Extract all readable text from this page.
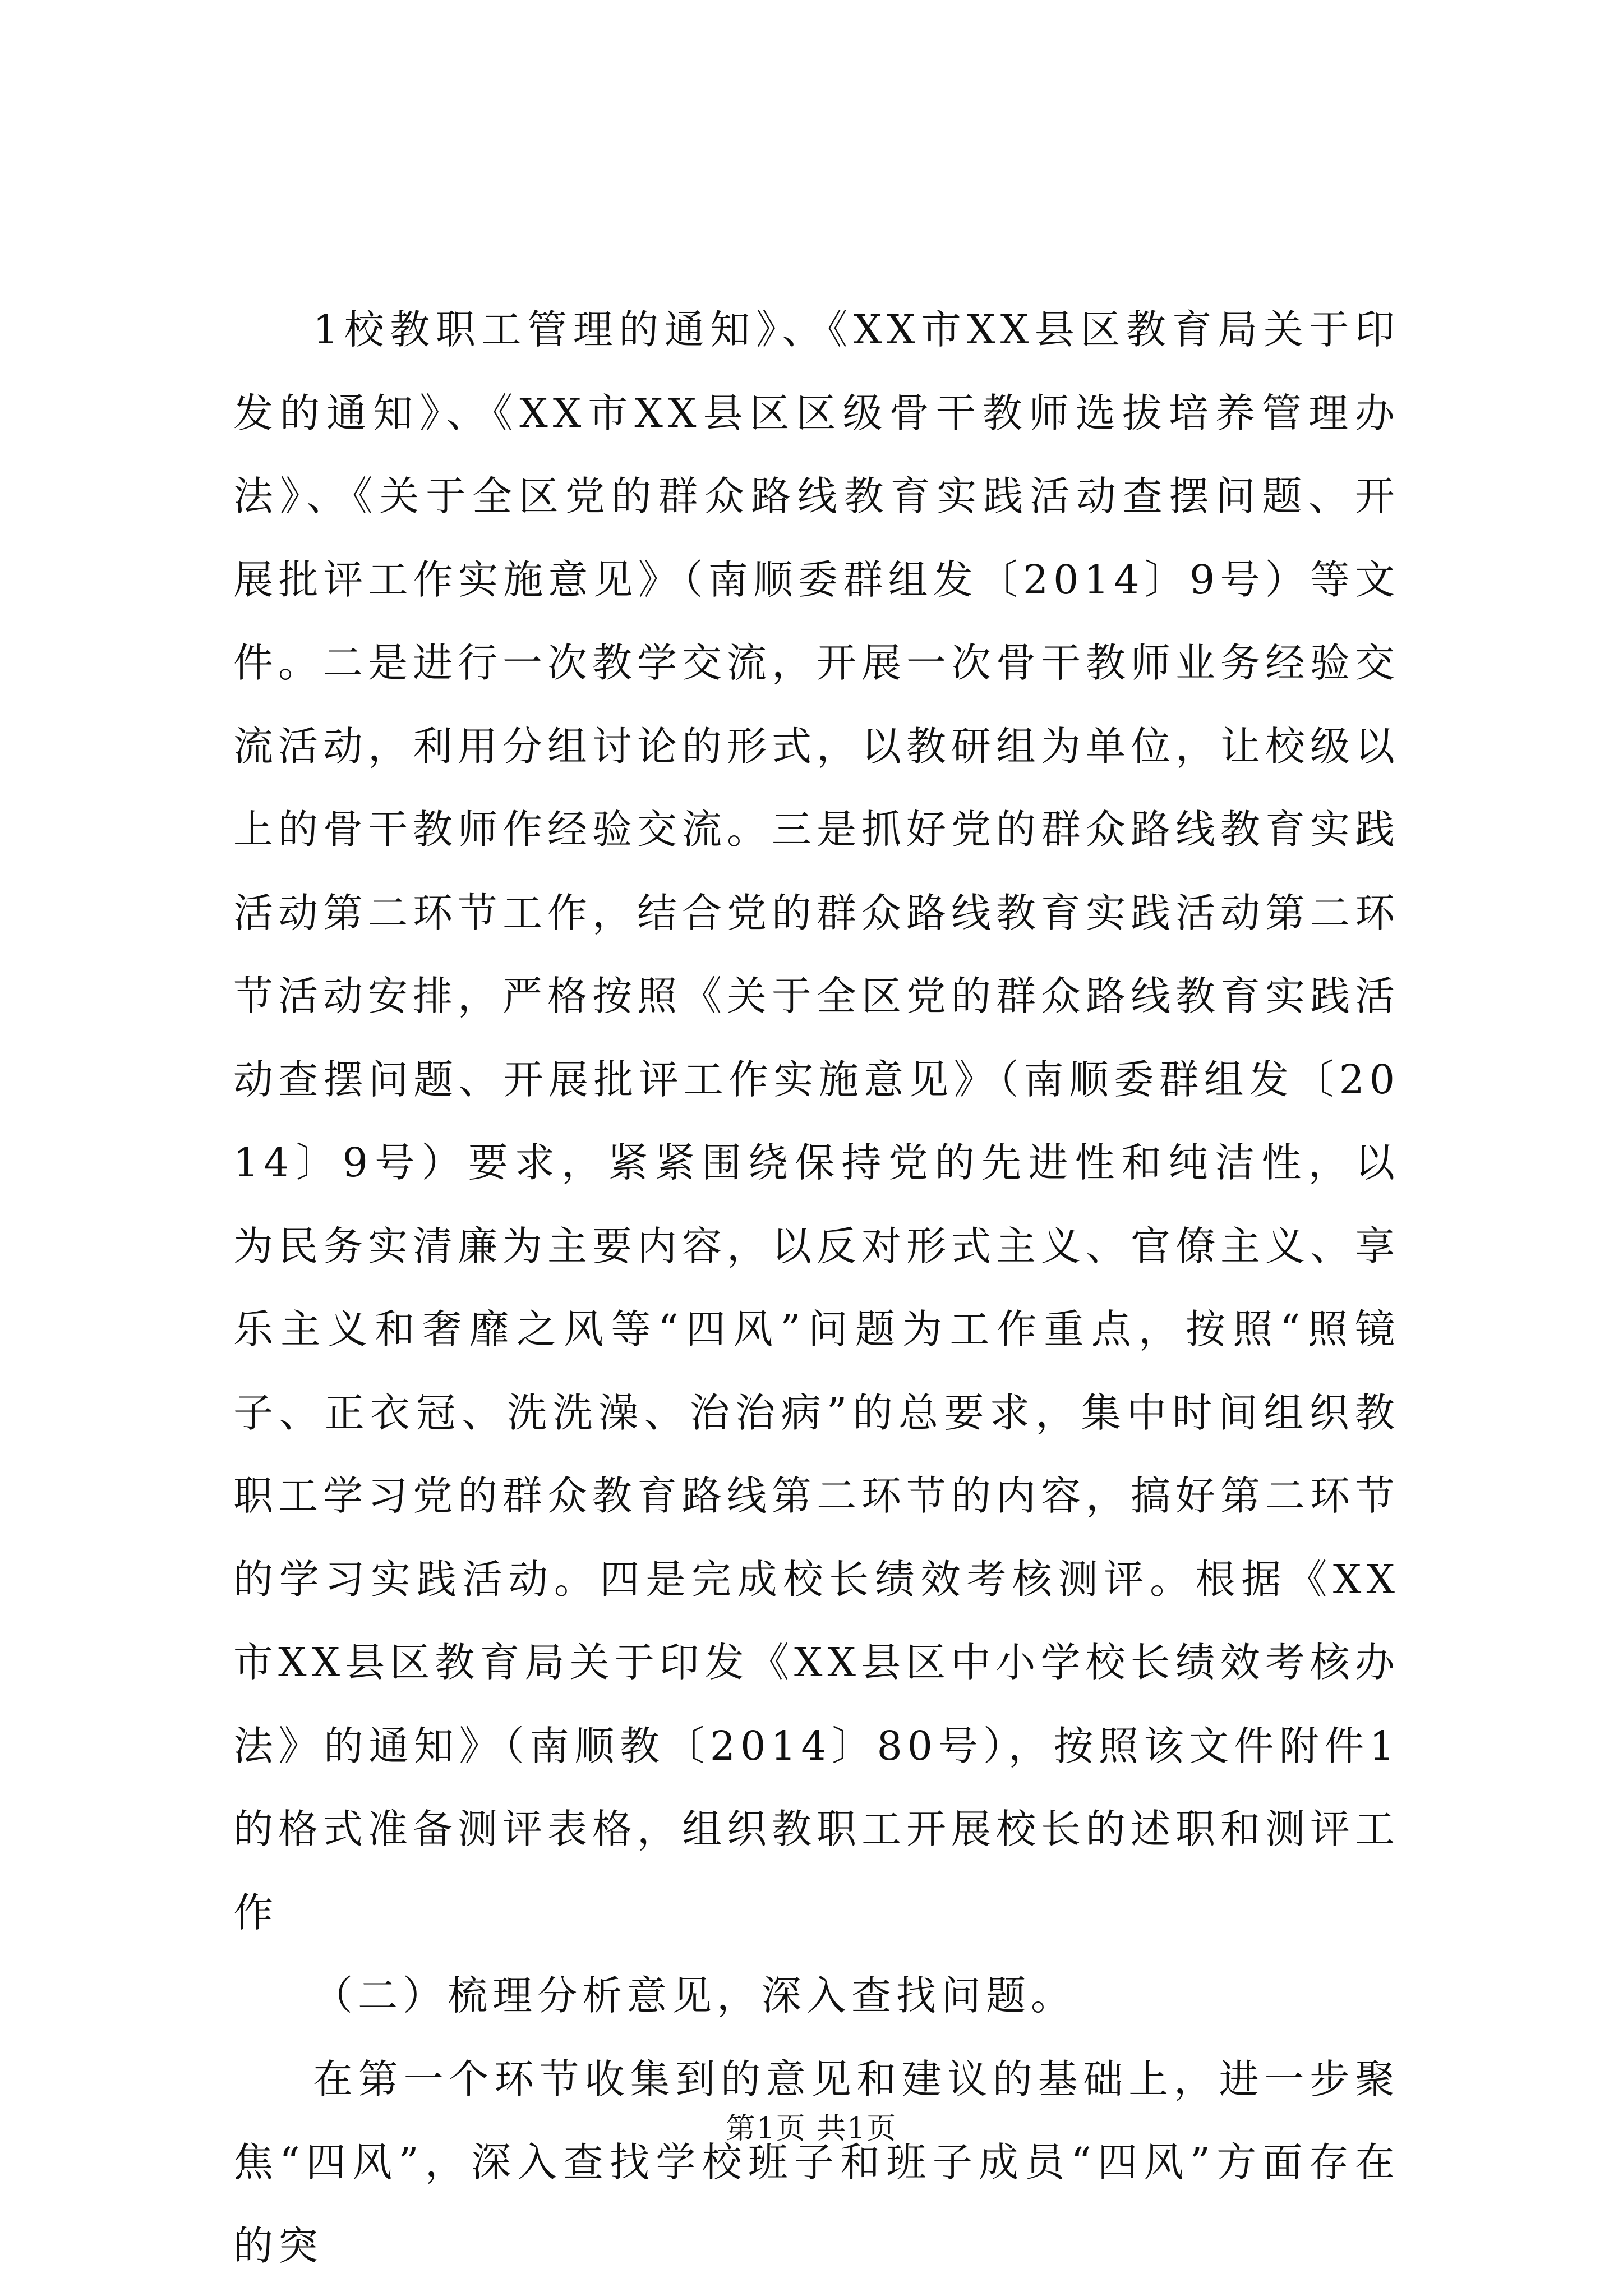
1校教职工管理的通知》、《XX市XX县区教育局关于印发的通知》、《XX市XX县区区级骨干教师选拔培养管理办法》、《关于全区党的群众路线教育实践活动查摆问题、开展批评工作实施意见》（南顺委群组发〔2014〕9号）等文件。二是进行一次教学交流，开展一次骨干教师业务经验交流活动，利用分组讨论的形式，以教研组为单位，让校级以上的骨干教师作经验交流。三是抓好党的群众路线教育实践活动第二环节工作，结合党的群众路线教育实践活动第二环节活动安排，严格按照《关于全区党的群众路线教育实践活动查摆问题、开展批评工作实施意见》（南顺委群组发〔2014〕9号）要求，紧紧围绕保持党的先进性和纯洁性，以为民务实清廉为主要内容，以反对形式主义、官僚主义、享乐主义和奢靡之风等“四风”问题为工作重点，按照“照镜子、正衣冠、洗洗澡、治治病”的总要求，集中时间组织教职工学习党的群众教育路线第二环节的内容，搞好第二环节的学习实践活动。四是完成校长绩效考核测评。根据《XX市XX县区教育局关于印发《XX县区中小学校长绩效考核办法》的通知》（南顺教〔2014〕80号），按照该文件附件1的格式准备测评表格，组织教职工开展校长的述职和测评工作

（二）梳理分析意见，深入查找问题。

在第一个环节收集到的意见和建议的基础上，进一步聚焦“四风”，深入查找学校班子和班子成员“四风”方面存在的突

第1页 共1页
